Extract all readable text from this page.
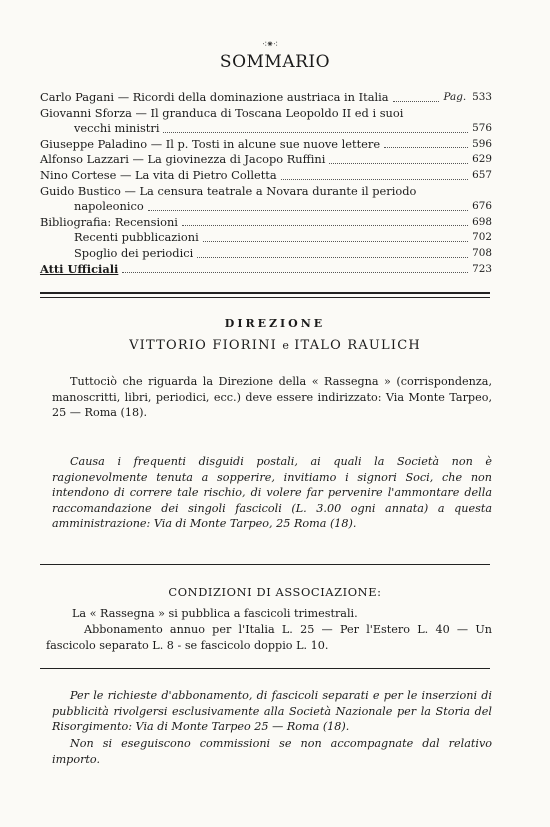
⁖⁕⁖
SOMMARIO
Carlo Pagani — Ricordi della dominazione austriaca in Italia	Pag. 533
Giovanni Sforza — Il granduca di Toscana Leopoldo II ed i suoi
vecchi ministri	576
Giuseppe Paladino — Il p. Tosti in alcune sue nuove lettere	596
Alfonso Lazzari — La giovinezza di Jacopo Ruffini	629
Nino Cortese — La vita di Pietro Colletta	657
Guido Bustico — La censura teatrale a Novara durante il periodo
napoleonico	676
Bibliografia: Recensioni	698
Recenti pubblicazioni	702
Spoglio dei periodici	708
Atti Ufficiali	723
DIREZIONE
VITTORIO FIORINI e ITALO RAULICH
Tuttociò che riguarda la Direzione della « Rassegna » (corrispondenza, manoscritti, libri, periodici, ecc.) deve essere indirizzato: Via Monte Tarpeo, 25 — Roma (18).
Causa i frequenti disguidi postali, ai quali la Società non è ragionevolmente tenuta a sopperire, invitiamo i signori Soci, che non intendono di correre tale rischio, di volere far pervenire l'ammontare della raccomandazione dei singoli fascicoli (L. 3.00 ogni annata) a questa amministrazione: Via di Monte Tarpeo, 25 Roma (18).
CONDIZIONI DI ASSOCIAZIONE:
La « Rassegna » si pubblica a fascicoli trimestrali.
Abbonamento annuo per l'Italia L. 25 — Per l'Estero L. 40 — Un fascicolo separato L. 8 - se fascicolo doppio L. 10.
Per le richieste d'abbonamento, di fascicoli separati e per le inserzioni di pubblicità rivolgersi esclusivamente alla Società Nazionale per la Storia del Risorgimento: Via di Monte Tarpeo 25 — Roma (18).
Non si eseguiscono commissioni se non accompagnate dal relativo importo.
